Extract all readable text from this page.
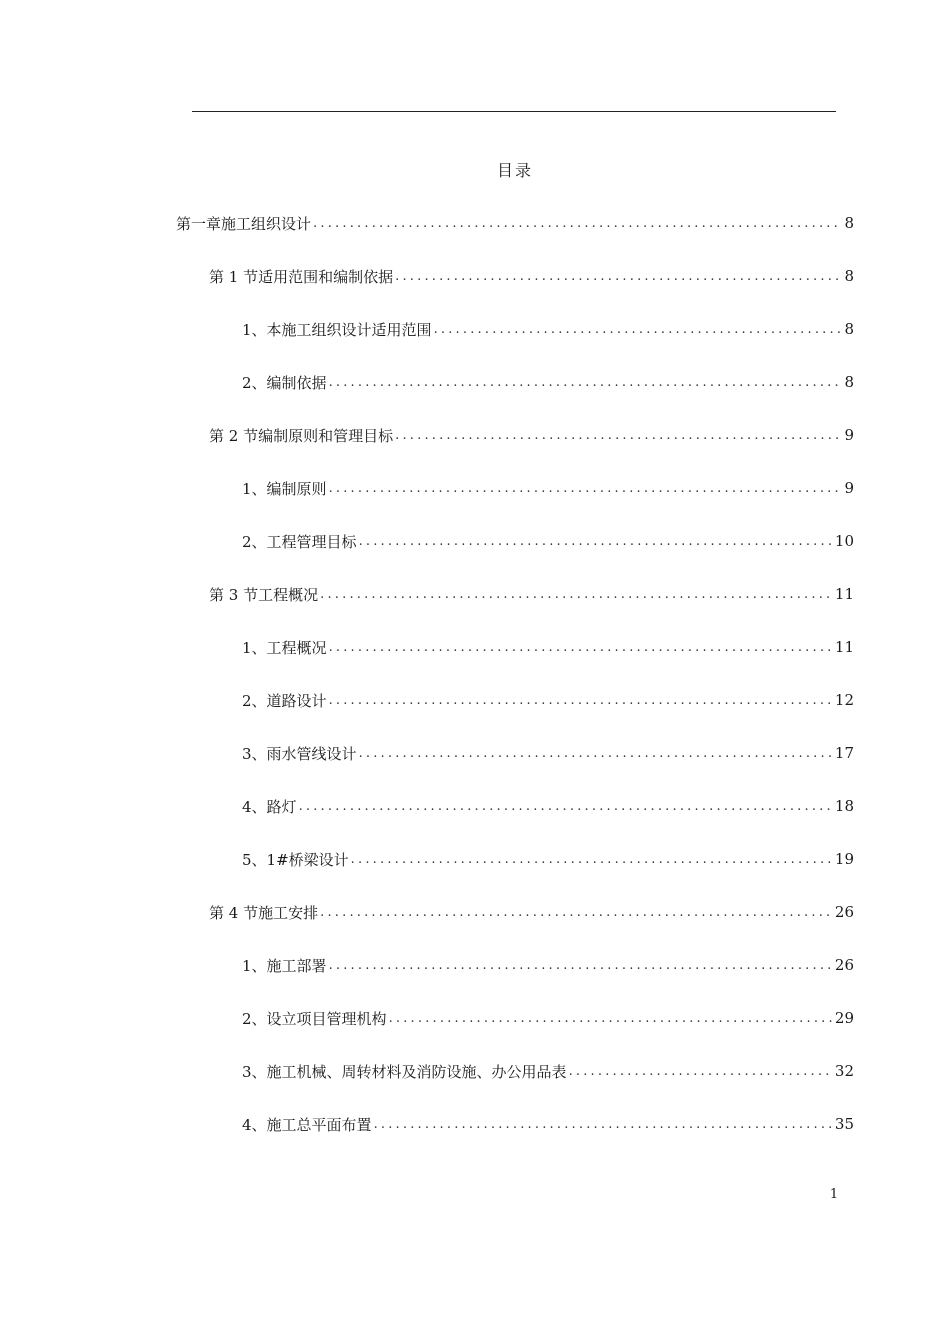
目录
第一章 施工组织设计 .....	8
第 1 节 适用范围和编制依据 .....	8
1、 本施工组织设计适用范围 .....	8
2、 编制依据 .....	8
第 2 节 编制原则和管理目标 .....	9
1、 编制原则 .....	9
2、 工程管理目标 .....	10
第 3 节 工程概况 .....	11
1、 工程概况 .....	11
2、 道路设计 .....	12
3、 雨水管线设计 .....	17
4、 路灯 .....	18
5、 1#桥梁设计 .....	19
第 4 节 施工安排 .....	26
1、 施工部署 .....	26
2、 设立项目管理机构 .....	29
3、 施工机械、周转材料及消防设施、办公用品表 .....	32
4、 施工总平面布置 .....	35
1
